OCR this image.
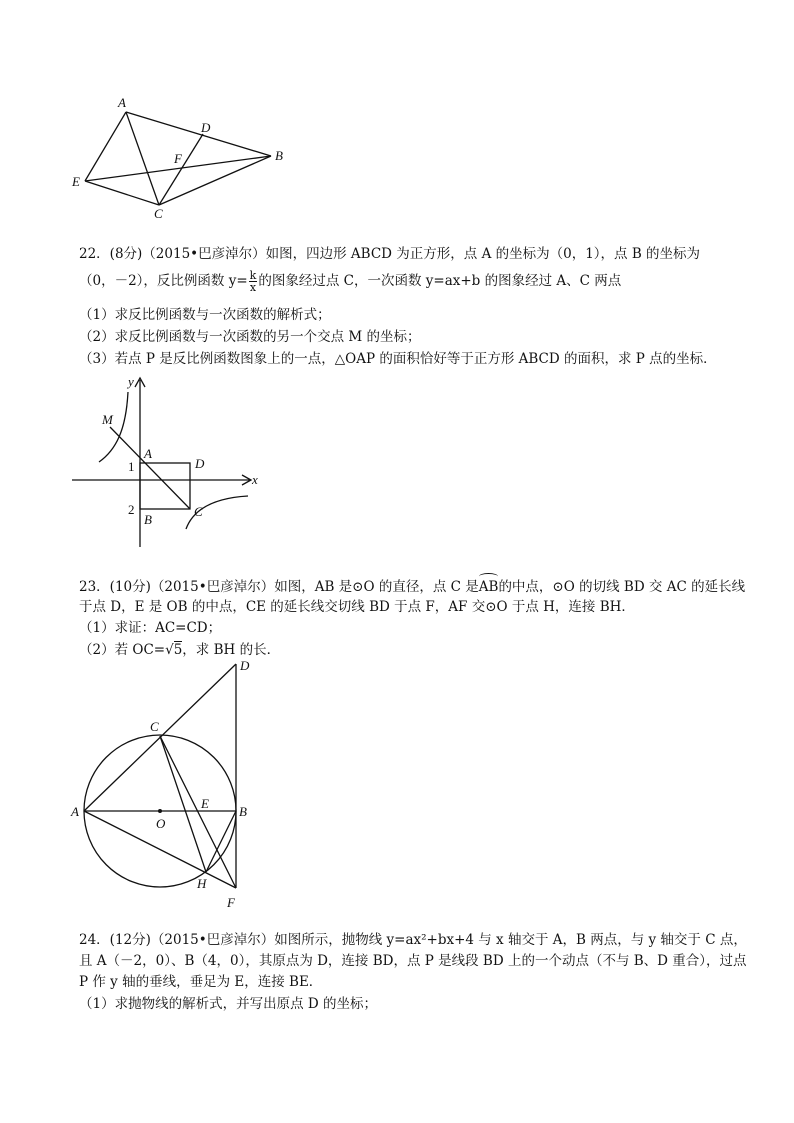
A
D
F	B
E
C
22．(8分)（2015•巴彦淖尔）如图，四边形 ABCD 为正方形，点 A 的坐标为（0，1），点 B 的坐标为
（0，－2），反比例函数 $y= \frac{k}{x}$ 的图象经过点 C，一次函数 y=ax+b 的图象经过 A、C 两点
（1）求反比例函数与一次函数的解析式；
（2）求反比例函数与一次函数的另一个交点 M 的坐标；
（3）若点 P 是反比例函数图象上的一点，△OAP 的面积恰好等于正方形 ABCD 的面积，求 P 点的坐标．
y
M
A
D
1
x
2
B
C
23．(10分)（2015•巴彦淖尔）如图，AB 是⊙O 的直径，点 C 是AB的中点，⊙O 的切线 BD 交 AC 的延长线
于点 D，E 是 OB 的中点，CE 的延长线交切线 BD 于点 F，AF 交⊙O 于点 H，连接 BH．
（1）求证：AC=CD；
（2）若 OC=√5，求 BH 的长．
D
C
A
E
B
O
H
F
24．(12分)（2015•巴彦淖尔）如图所示，抛物线 y=ax²+bx+4 与 x 轴交于 A，B 两点，与 y 轴交于 C 点，
且 A（－2，0）、B（4，0），其原点为 D，连接 BD，点 P 是线段 BD 上的一个动点（不与 B、D 重合），过点
P 作 y 轴的垂线，垂足为 E，连接 BE．
（1）求抛物线的解析式，并写出原点 D 的坐标；
